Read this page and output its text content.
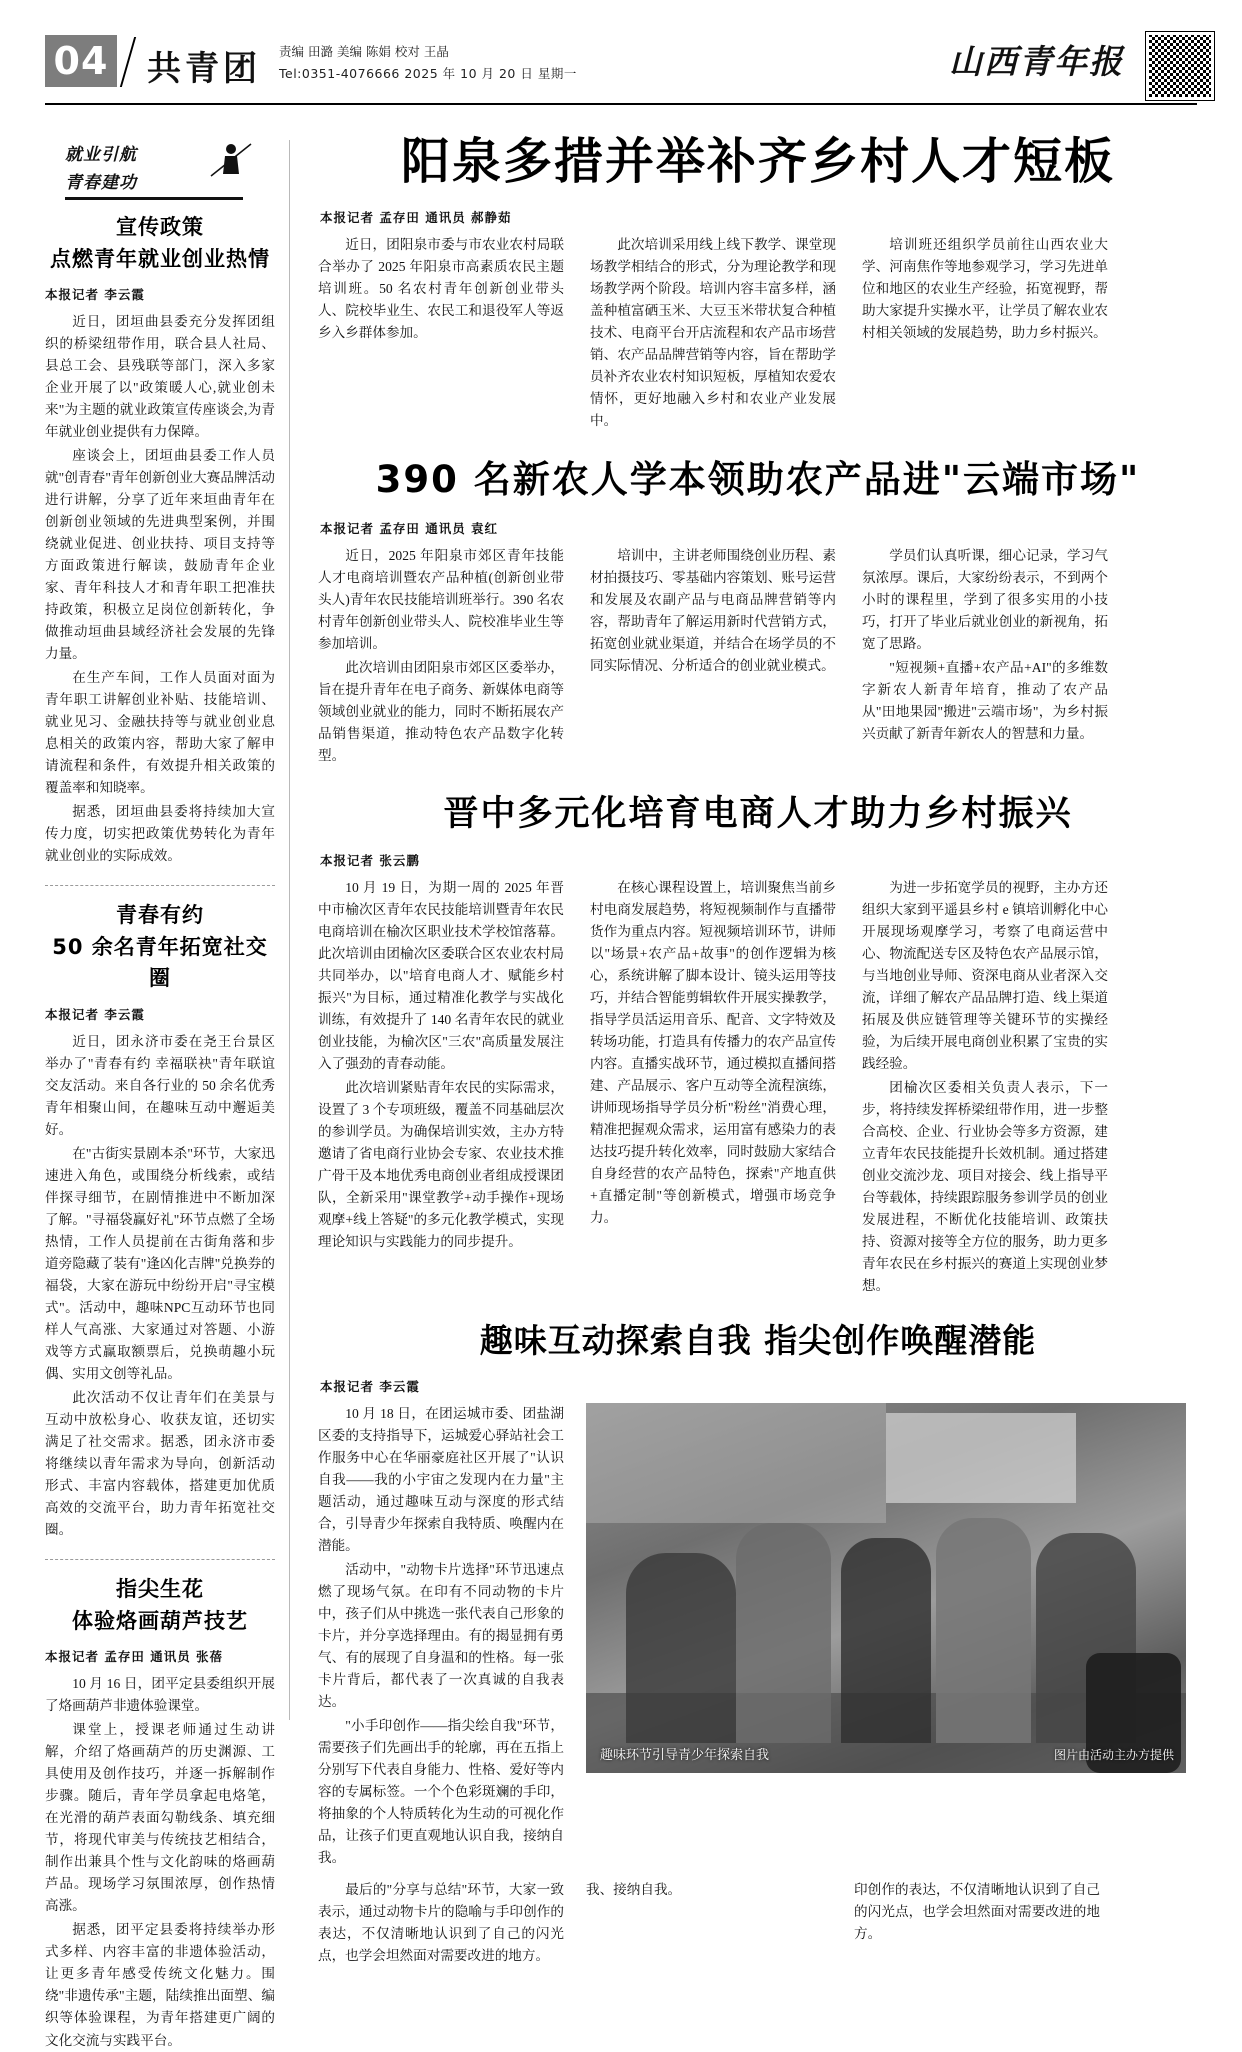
04 共青团 责编 田潞 美编 陈娟 校对 王晶
Tel:0351-4076666 2025 年 10 月 20 日 星期一	山西青年报
就业引航
青春建功
宣传政策
点燃青年就业创业热情
本报记者 李云霞

近日，团垣曲县委充分发挥团组织的桥梁纽带作用，联合县人社局、县总工会、县残联等部门，深入多家企业开展了以"政策暖人心,就业创未来"为主题的就业政策宣传座谈会,为青年就业创业提供有力保障。

座谈会上，团垣曲县委工作人员就"创青春"青年创新创业大赛品牌活动进行讲解，分享了近年来垣曲青年在创新创业领域的先进典型案例，并围绕就业促进、创业扶持、项目支持等方面政策进行解读，鼓励青年企业家、青年科技人才和青年职工把准扶持政策，积极立足岗位创新转化，争做推动垣曲县域经济社会发展的先锋力量。

在生产车间，工作人员面对面为青年职工讲解创业补贴、技能培训、就业见习、金融扶持等与就业创业息息相关的政策内容，帮助大家了解申请流程和条件，有效提升相关政策的覆盖率和知晓率。

据悉，团垣曲县委将持续加大宣传力度，切实把政策优势转化为青年就业创业的实际成效。

青春有约
50 余名青年拓宽社交圈
本报记者 李云霞

近日，团永济市委在尧王台景区举办了"青春有约 幸福联袂"青年联谊交友活动。来自各行业的 50 余名优秀青年相聚山间，在趣味互动中邂逅美好。

在"古街实景剧本杀"环节，大家迅速进入角色，或围绕分析线索，或结伴探寻细节，在剧情推进中不断加深了解。"寻福袋赢好礼"环节点燃了全场热情，工作人员提前在古街角落和步道旁隐藏了装有"逢凶化吉牌"兑换券的福袋，大家在游玩中纷纷开启"寻宝模式"。活动中，趣味NPC互动环节也同样人气高涨、大家通过对答题、小游戏等方式赢取额票后，兑换萌趣小玩偶、实用文创等礼品。

此次活动不仅让青年们在美景与互动中放松身心、收获友谊，还切实满足了社交需求。据悉，团永济市委将继续以青年需求为导向，创新活动形式、丰富内容载体，搭建更加优质高效的交流平台，助力青年拓宽社交圈。

指尖生花
体验烙画葫芦技艺
本报记者 孟存田 通讯员 张蓓

10 月 16 日，团平定县委组织开展了烙画葫芦非遗体验课堂。

课堂上，授课老师通过生动讲解，介绍了烙画葫芦的历史渊源、工具使用及创作技巧，并逐一拆解制作步骤。随后，青年学员拿起电烙笔，在光滑的葫芦表面勾勒线条、填充细节，将现代审美与传统技艺相结合，制作出兼具个性与文化韵味的烙画葫芦品。现场学习氛围浓厚，创作热情高涨。

据悉，团平定县委将持续举办形式多样、内容丰富的非遗体验活动，让更多青年感受传统文化魅力。围绕"非遗传承"主题，陆续推出面塑、编织等体验课程，为青年搭建更广阔的文化交流与实践平台。

阳泉多措并举补齐乡村人才短板
本报记者 孟存田 通讯员 郝静茹

近日，团阳泉市委与市农业农村局联合举办了 2025 年阳泉市高素质农民主题培训班。50 名农村青年创新创业带头人、院校毕业生、农民工和退役军人等返乡入乡群体参加。

此次培训采用线上线下教学、课堂现场教学相结合的形式，分为理论教学和现场教学两个阶段。培训内容丰富多样，涵盖种植富硒玉米、大豆玉米带状复合种植技术、电商平台开店流程和农产品市场营销、农产品品牌营销等内容，旨在帮助学员补齐农业农村知识短板，厚植知农爱农情怀，更好地融入乡村和农业产业发展中。

培训班还组织学员前往山西农业大学、河南焦作等地参观学习，学习先进单位和地区的农业生产经验，拓宽视野，帮助大家提升实操水平，让学员了解农业农村相关领域的发展趋势，助力乡村振兴。

390 名新农人学本领助农产品进"云端市场"
本报记者 孟存田 通讯员 袁红

近日，2025 年阳泉市郊区青年技能人才电商培训暨农产品种植(创新创业带头人)青年农民技能培训班举行。390 名农村青年创新创业带头人、院校准毕业生等参加培训。

此次培训由团阳泉市郊区区委举办，旨在提升青年在电子商务、新媒体电商等领域创业就业的能力，同时不断拓展农产品销售渠道，推动特色农产品数字化转型。

培训中，主讲老师围绕创业历程、素材拍摄技巧、零基础内容策划、账号运营和发展及农副产品与电商品牌营销等内容，帮助青年了解运用新时代营销方式，拓宽创业就业渠道，并结合在场学员的不同实际情况、分析适合的创业就业模式。

学员们认真听课，细心记录，学习气氛浓厚。课后，大家纷纷表示，不到两个小时的课程里，学到了很多实用的小技巧，打开了毕业后就业创业的新视角，拓宽了思路。

"短视频+直播+农产品+AI"的多维数字新农人新青年培育，推动了农产品从"田地果园"搬进"云端市场"，为乡村振兴贡献了新青年新农人的智慧和力量。

晋中多元化培育电商人才助力乡村振兴
本报记者 张云鹏

10 月 19 日，为期一周的 2025 年晋中市榆次区青年农民技能培训暨青年农民电商培训在榆次区职业技术学校馆落幕。此次培训由团榆次区委联合区农业农村局共同举办，以"培育电商人才、赋能乡村振兴"为目标，通过精准化教学与实战化训练，有效提升了 140 名青年农民的就业创业技能，为榆次区"三农"高质量发展注入了强劲的青春动能。

此次培训紧贴青年农民的实际需求，设置了 3 个专项班级，覆盖不同基础层次的参训学员。为确保培训实效，主办方特邀请了省电商行业协会专家、农业技术推广骨干及本地优秀电商创业者组成授课团队，全新采用"课堂教学+动手操作+现场观摩+线上答疑"的多元化教学模式，实现理论知识与实践能力的同步提升。

在核心课程设置上，培训聚焦当前乡村电商发展趋势，将短视频制作与直播带货作为重点内容。短视频培训环节，讲师以"场景+农产品+故事"的创作逻辑为核心，系统讲解了脚本设计、镜头运用等技巧，并结合智能剪辑软件开展实操教学，指导学员活运用音乐、配音、文字特效及转场功能，打造具有传播力的农产品宣传内容。直播实战环节，通过模拟直播间搭建、产品展示、客户互动等全流程演练，讲师现场指导学员分析"粉丝"消费心理，精准把握观众需求，运用富有感染力的表达技巧提升转化效率，同时鼓励大家结合自身经营的农产品特色，探索"产地直供+直播定制"等创新模式，增强市场竞争力。

为进一步拓宽学员的视野，主办方还组织大家到平遥县乡村 e 镇培训孵化中心开展现场观摩学习，考察了电商运营中心、物流配送专区及特色农产品展示馆，与当地创业导师、资深电商从业者深入交流，详细了解农产品品牌打造、线上渠道拓展及供应链管理等关键环节的实操经验，为后续开展电商创业积累了宝贵的实践经验。

团榆次区委相关负责人表示，下一步，将持续发挥桥梁纽带作用，进一步整合高校、企业、行业协会等多方资源，建立青年农民技能提升长效机制。通过搭建创业交流沙龙、项目对接会、线上指导平台等载体，持续跟踪服务参训学员的创业发展进程，不断优化技能培训、政策扶持、资源对接等全方位的服务，助力更多青年农民在乡村振兴的赛道上实现创业梦想。

趣味互动探索自我 指尖创作唤醒潜能
本报记者 李云霞

10 月 18 日，在团运城市委、团盐湖区委的支持指导下，运城爱心驿站社会工作服务中心在华丽豪庭社区开展了"认识自我——我的小宇宙之发现内在力量"主题活动，通过趣味互动与深度的形式结合，引导青少年探索自我特质、唤醒内在潜能。

活动中，"动物卡片选择"环节迅速点燃了现场气氛。在印有不同动物的卡片中，孩子们从中挑选一张代表自己形象的卡片，并分享选择理由。有的揭显拥有勇气、有的展现了自身温和的性格。每一张卡片背后，都代表了一次真诚的自我表达。

"小手印创作——指尖绘自我"环节，需要孩子们先画出手的轮廓，再在五指上分别写下代表自身能力、性格、爱好等内容的专属标签。一个个色彩斑斓的手印，将抽象的个人特质转化为生动的可视化作品，让孩子们更直观地认识自我，接纳自我。

趣味环节引导青少年探索自我	图片由活动主办方提供

最后的"分享与总结"环节，大家一致表示，通过动物卡片的隐喻与手印创作的表达，不仅清晰地认识到了自己的闪光点，也学会坦然面对需要改进的地方。

我、接纳自我。	印创作的表达，不仅清晰地认识到了自己的闪光点，也学会坦然面对需要改进的地方。
